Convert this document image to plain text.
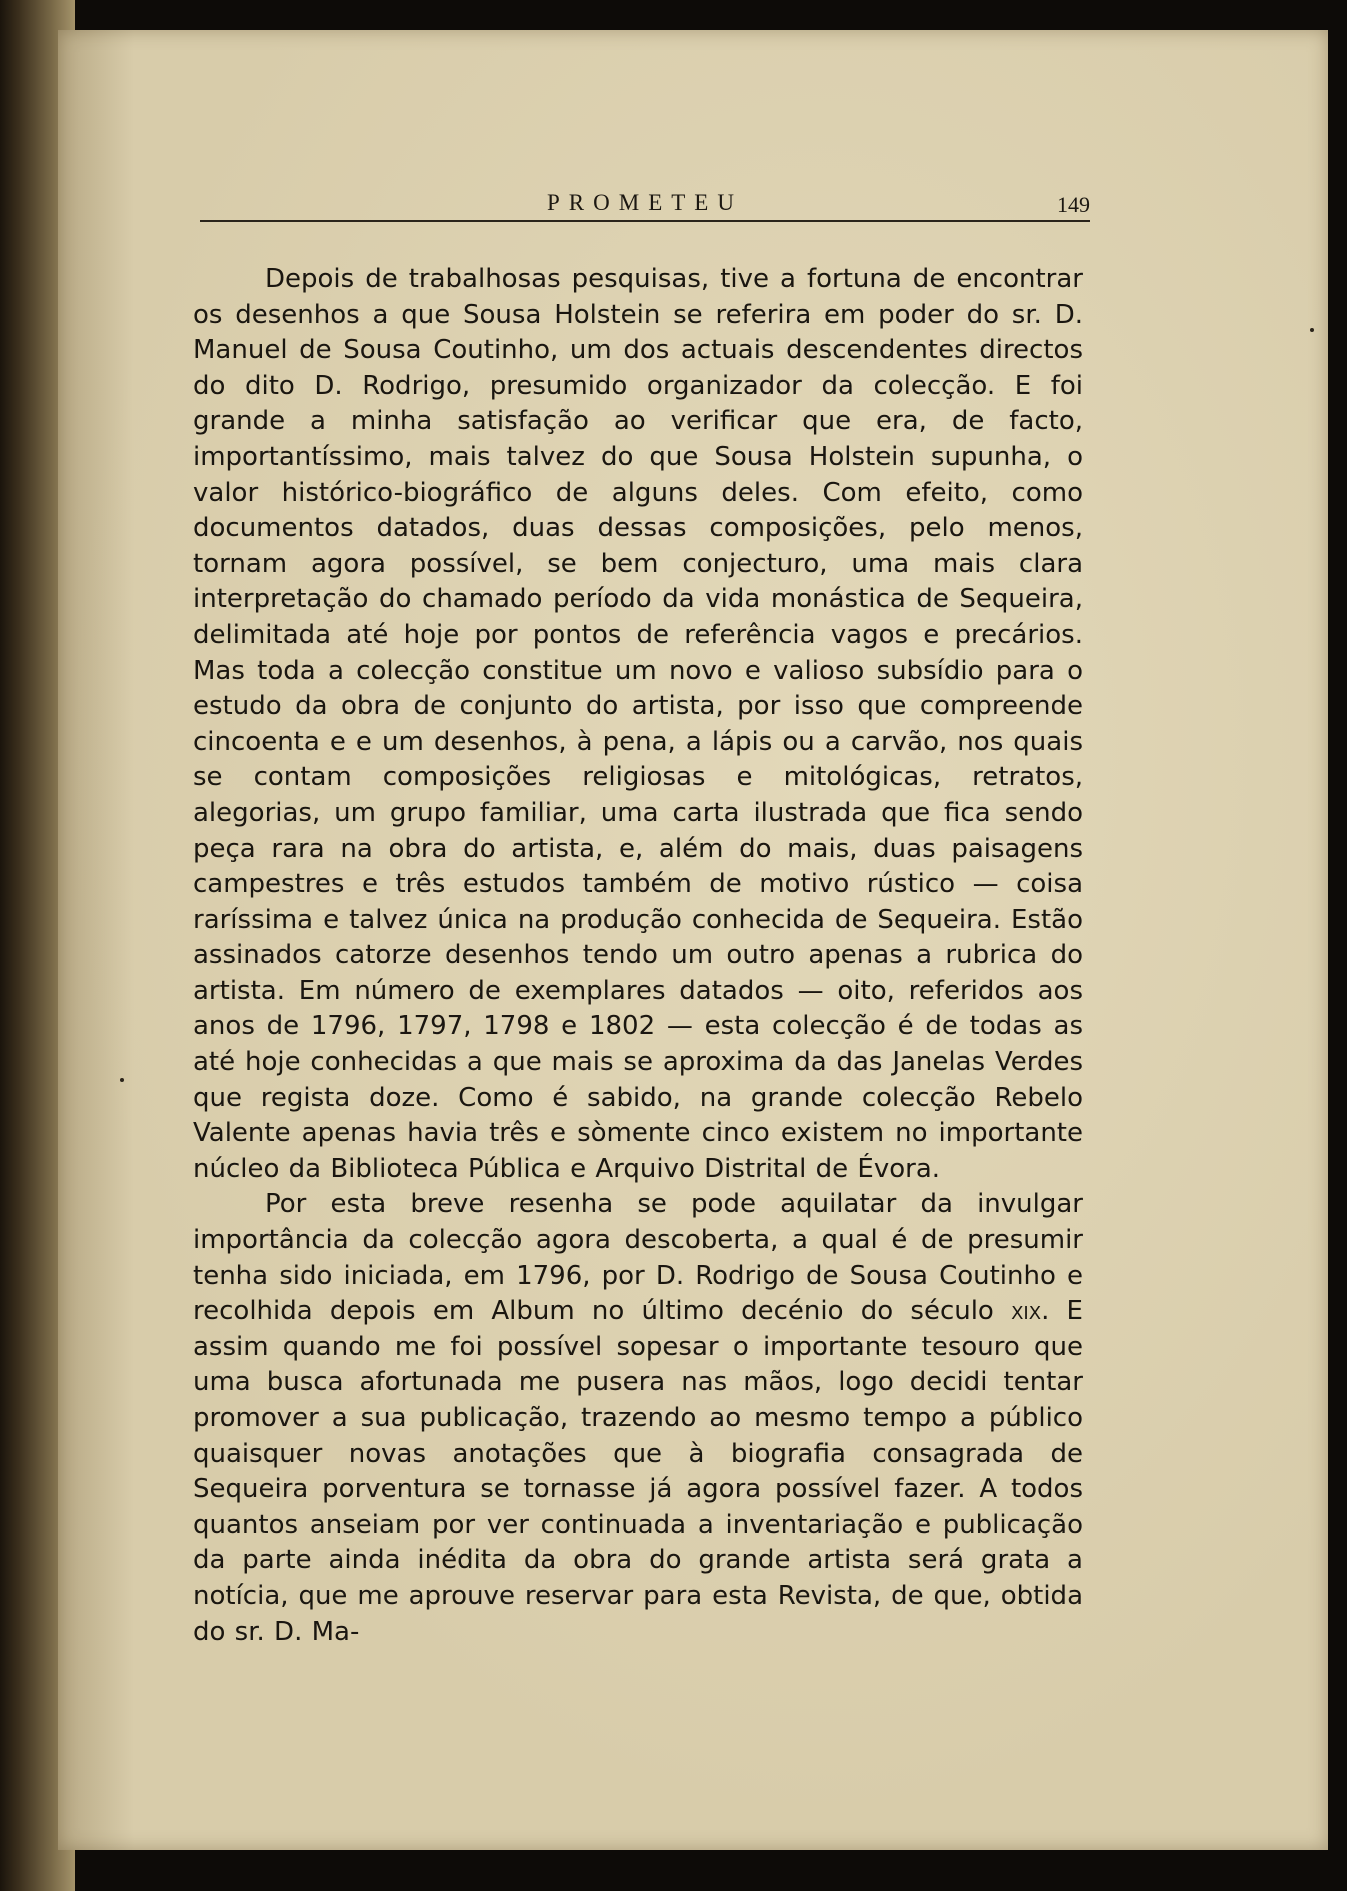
PROMETEU	149

Depois de trabalhosas pesquisas, tive a fortuna de encontrar os desenhos a que Sousa Holstein se referira em poder do sr. D. Manuel de Sousa Coutinho, um dos actuais descendentes directos do dito D. Rodrigo, presumido organizador da colecção. E foi grande a minha satisfação ao verificar que era, de facto, importantíssimo, mais talvez do que Sousa Holstein supunha, o valor histórico-biográfico de alguns deles. Com efeito, como documentos datados, duas dessas composições, pelo menos, tornam agora possível, se bem conjecturo, uma mais clara interpretação do chamado período da vida monástica de Sequeira, delimitada até hoje por pontos de referência vagos e precários. Mas toda a colecção constitue um novo e valioso subsídio para o estudo da obra de conjunto do artista, por isso que compreende cincoenta e e um desenhos, à pena, a lápis ou a carvão, nos quais se contam composições religiosas e mitológicas, retratos, alegorias, um grupo familiar, uma carta ilustrada que fica sendo peça rara na obra do artista, e, além do mais, duas paisagens campestres e três estudos também de motivo rústico — coisa raríssima e talvez única na produção conhecida de Sequeira. Estão assinados catorze desenhos tendo um outro apenas a rubrica do artista. Em número de exemplares datados — oito, referidos aos anos de 1796, 1797, 1798 e 1802 — esta colecção é de todas as até hoje conhecidas a que mais se aproxima da das Janelas Verdes que regista doze. Como é sabido, na grande colecção Rebelo Valente apenas havia três e sòmente cinco existem no importante núcleo da Biblioteca Pública e Arquivo Distrital de Évora.

Por esta breve resenha se pode aquilatar da invulgar importância da colecção agora descoberta, a qual é de presumir tenha sido iniciada, em 1796, por D. Rodrigo de Sousa Coutinho e recolhida depois em Album no último decénio do século xix. E assim quando me foi possível sopesar o importante tesouro que uma busca afortunada me pusera nas mãos, logo decidi tentar promover a sua publicação, trazendo ao mesmo tempo a público quaisquer novas anotações que à biografia consagrada de Sequeira porventura se tornasse já agora possível fazer. A todos quantos anseiam por ver continuada a inventariação e publicação da parte ainda inédita da obra do grande artista será grata a notícia, que me aprouve reservar para esta Revista, de que, obtida do sr. D. Ma-
